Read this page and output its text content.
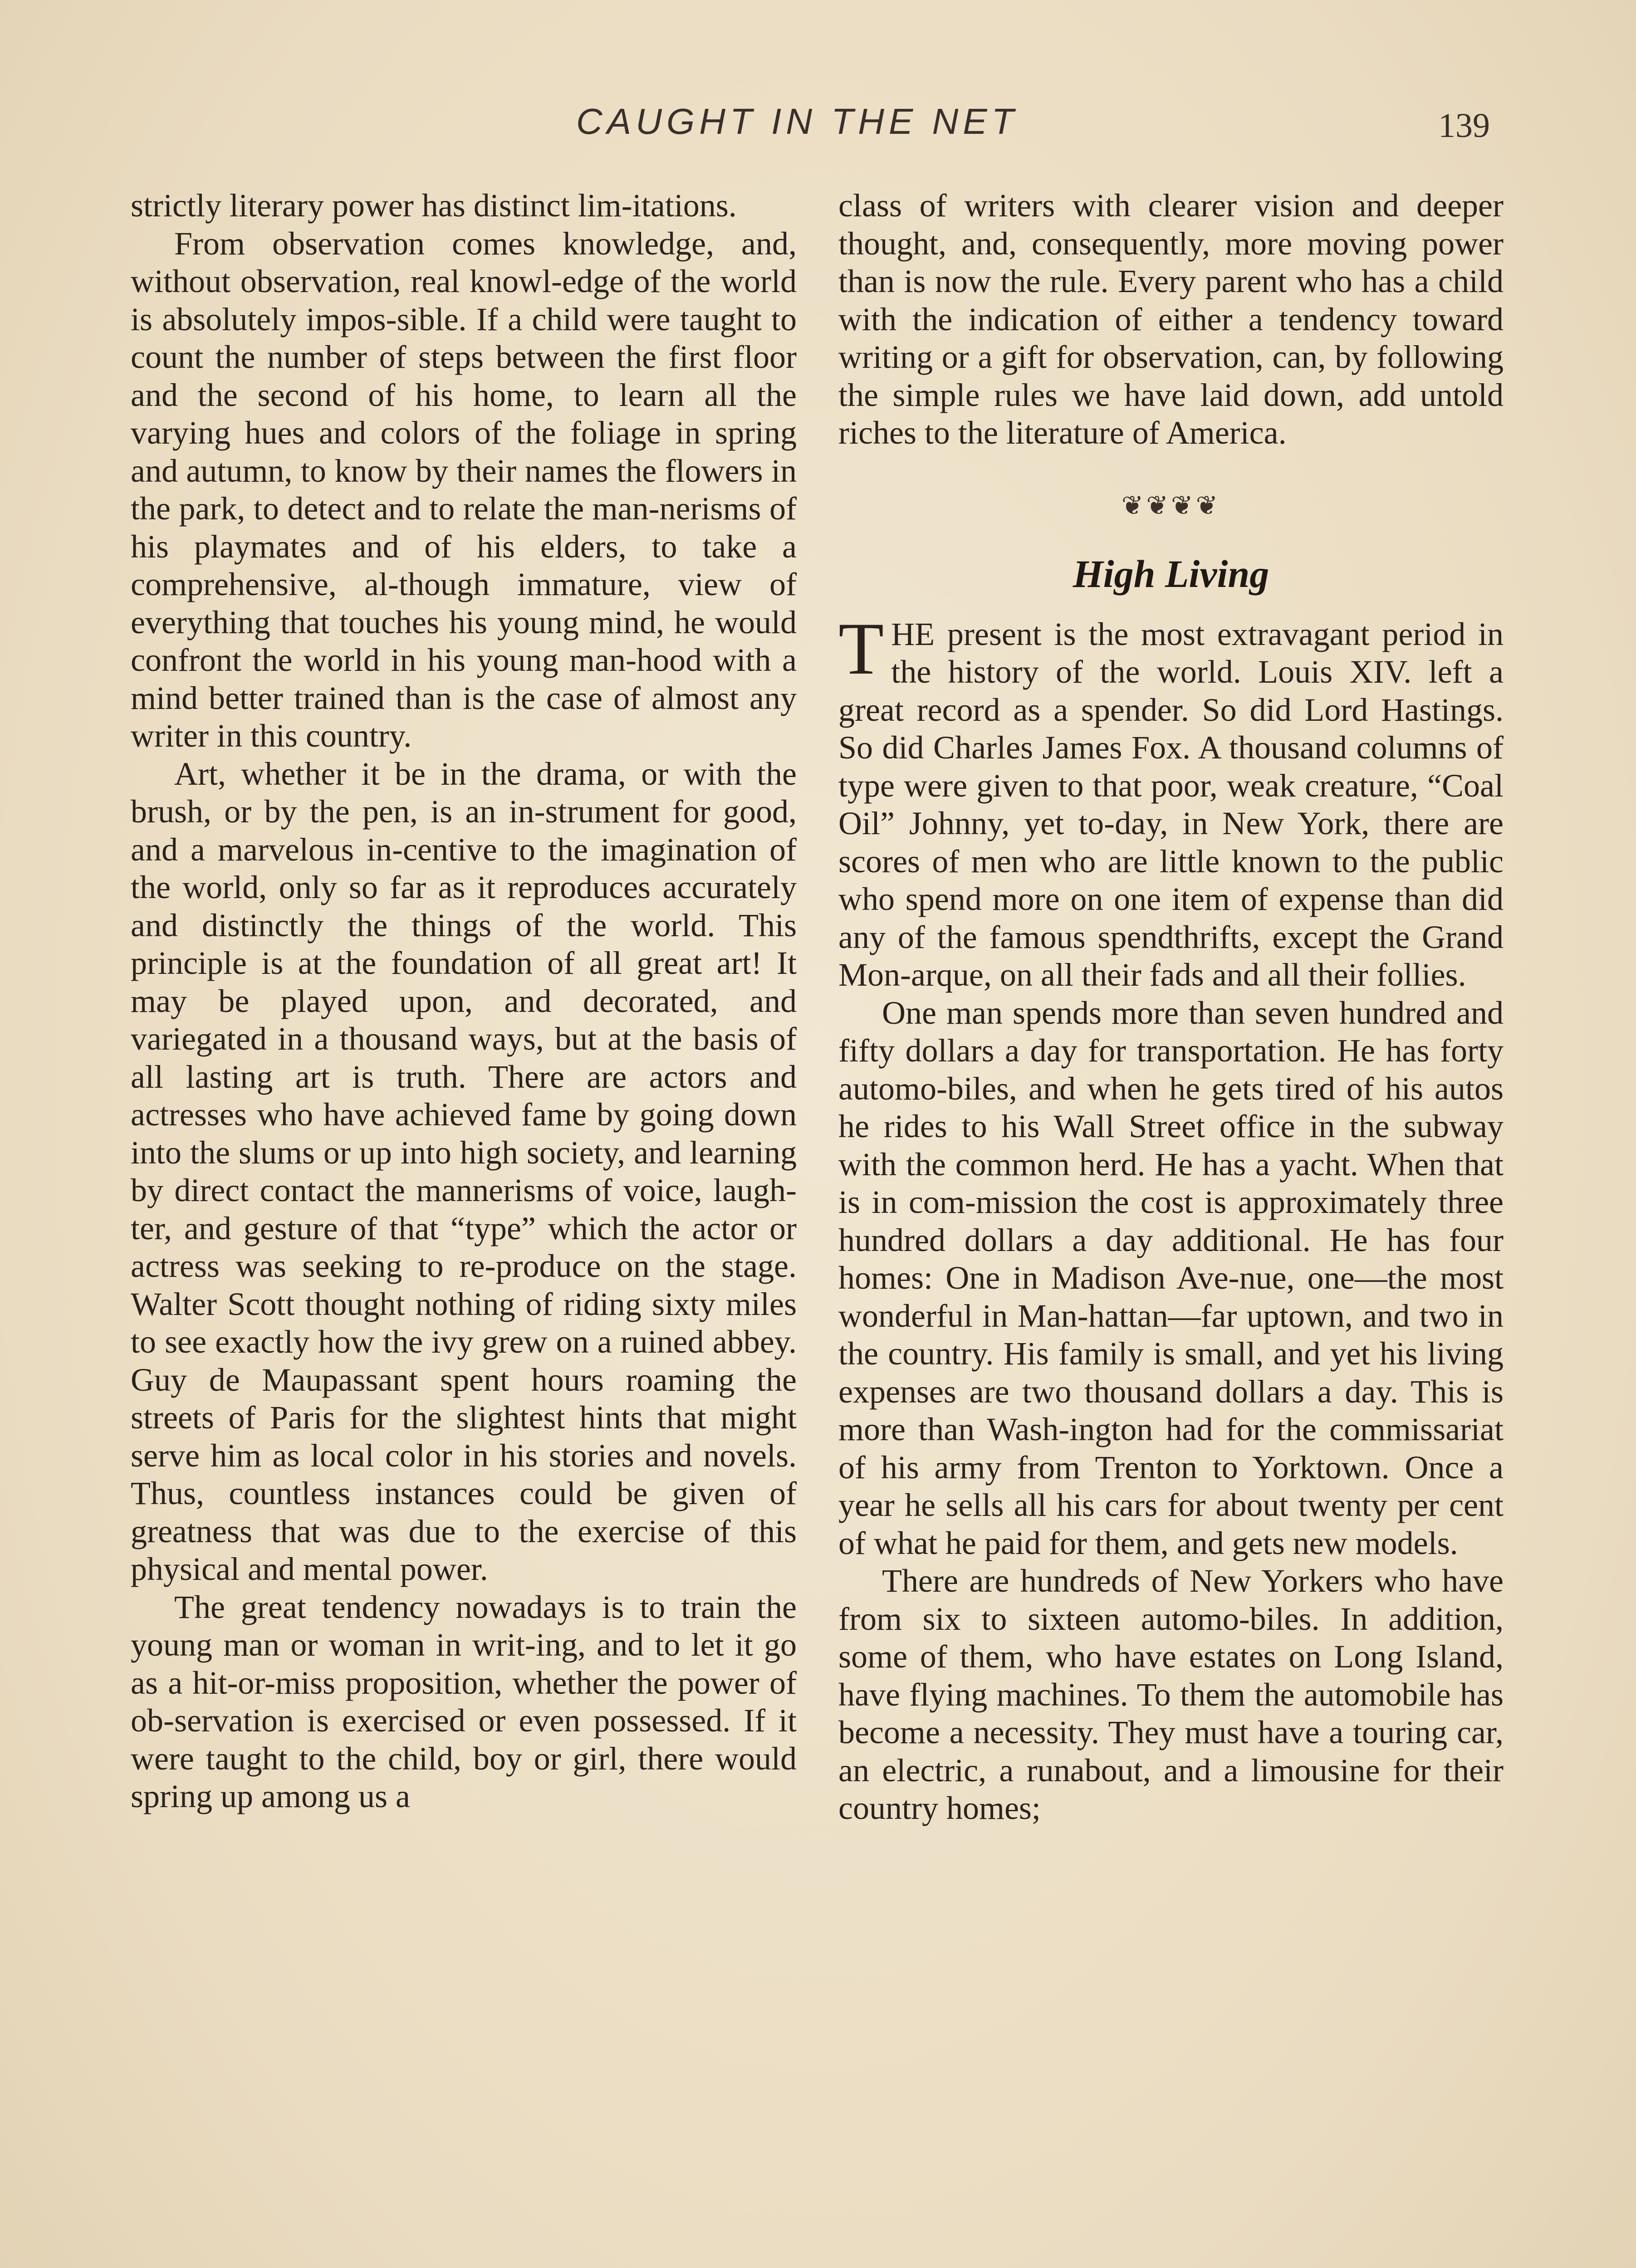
CAUGHT IN THE NET	139

strictly literary power has distinct lim-itations.

From observation comes knowledge, and, without observation, real knowl-edge of the world is absolutely impos-sible. If a child were taught to count the number of steps between the first floor and the second of his home, to learn all the varying hues and colors of the foliage in spring and autumn, to know by their names the flowers in the park, to detect and to relate the man-nerisms of his playmates and of his elders, to take a comprehensive, al-though immature, view of everything that touches his young mind, he would confront the world in his young man-hood with a mind better trained than is the case of almost any writer in this country.

Art, whether it be in the drama, or with the brush, or by the pen, is an in-strument for good, and a marvelous in-centive to the imagination of the world, only so far as it reproduces accurately and distinctly the things of the world. This principle is at the foundation of all great art! It may be played upon, and decorated, and variegated in a thousand ways, but at the basis of all lasting art is truth. There are actors and actresses who have achieved fame by going down into the slums or up into high society, and learning by direct contact the mannerisms of voice, laugh-ter, and gesture of that “type” which the actor or actress was seeking to re-produce on the stage. Walter Scott thought nothing of riding sixty miles to see exactly how the ivy grew on a ruined abbey. Guy de Maupassant spent hours roaming the streets of Paris for the slightest hints that might serve him as local color in his stories and novels. Thus, countless instances could be given of greatness that was due to the exercise of this physical and mental power.

The great tendency nowadays is to train the young man or woman in writ-ing, and to let it go as a hit-or-miss proposition, whether the power of ob-servation is exercised or even possessed. If it were taught to the child, boy or girl, there would spring up among us a

class of writers with clearer vision and deeper thought, and, consequently, more moving power than is now the rule. Every parent who has a child with the indication of either a tendency toward writing or a gift for observation, can, by following the simple rules we have laid down, add untold riches to the literature of America.

❦❦❦❦
High Living

THE present is the most extravagant period in the history of the world. Louis XIV. left a great record as a spender. So did Lord Hastings. So did Charles James Fox. A thousand columns of type were given to that poor, weak creature, “Coal Oil” Johnny, yet to-day, in New York, there are scores of men who are little known to the public who spend more on one item of expense than did any of the famous spendthrifts, except the Grand Mon-arque, on all their fads and all their follies.

One man spends more than seven hundred and fifty dollars a day for transportation. He has forty automo-biles, and when he gets tired of his autos he rides to his Wall Street office in the subway with the common herd. He has a yacht. When that is in com-mission the cost is approximately three hundred dollars a day additional. He has four homes: One in Madison Ave-nue, one—the most wonderful in Man-hattan—far uptown, and two in the country. His family is small, and yet his living expenses are two thousand dollars a day. This is more than Wash-ington had for the commissariat of his army from Trenton to Yorktown. Once a year he sells all his cars for about twenty per cent of what he paid for them, and gets new models.

There are hundreds of New Yorkers who have from six to sixteen automo-biles. In addition, some of them, who have estates on Long Island, have flying machines. To them the automobile has become a necessity. They must have a touring car, an electric, a runabout, and a limousine for their country homes;
